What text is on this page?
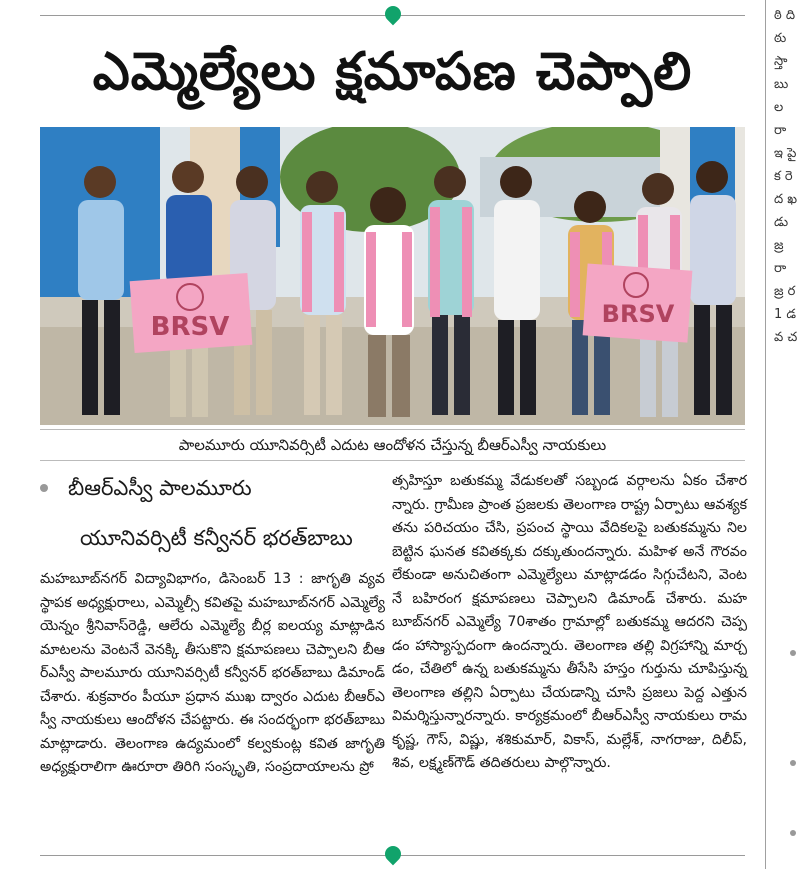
ఎమ్మెల్యేలు క్షమాపణ చెప్పాలి
BRSV	BRSV
పాలమూరు యూనివర్సిటీ ఎదుట ఆందోళన చేస్తున్న బీఆర్ఎస్వీ నాయకులు
బీఆర్ఎస్వీ పాలమూరు
యూనివర్సిటీ కన్వీనర్ భరత్‌బాబు
మహబూబ్‌నగర్ విద్యావిభాగం, డిసెంబర్ 13 : జాగృతి వ్యవస్థాపక అధ్యక్షురాలు, ఎమ్మెల్సీ కవితపై మహబూబ్‌నగర్ ఎమ్మెల్యే యెన్నం శ్రీనివాస్‌రెడ్డి, ఆలేరు ఎమ్మెల్యే బీర్ల ఐలయ్య మాట్లాడిన మాటలను వెంటనే వెనక్కి తీసుకొని క్షమాపణలు చెప్పాలని బీఆర్ఎస్వీ పాలమూరు యూనివర్సిటీ కన్వీనర్ భరత్‌బాబు డిమాండ్ చేశారు. శుక్రవారం పీయూ ప్రధాన ముఖ ద్వారం ఎదుట బీఆర్ఎస్వీ నాయకులు ఆందోళన చేపట్టారు. ఈ సందర్భంగా భరత్‌బాబు మాట్లాడారు. తెలంగాణ ఉద్యమంలో కల్వకుంట్ల కవిత జాగృతి అధ్యక్షురాలిగా ఊరూరా తిరిగి సంస్కృతి, సంప్రదాయాలను ప్రో
త్సహిస్తూ బతుకమ్మ వేడుకలతో సబ్బండ వర్గాలను ఏకం చేశారన్నారు. గ్రామీణ ప్రాంత ప్రజలకు తెలంగాణ రాష్ట్ర ఏర్పాటు ఆవశ్యకతను పరిచయం చేసి, ప్రపంచ స్థాయి వేదికలపై బతుకమ్మను నిలబెట్టిన ఘనత కవితక్కకు దక్కుతుందన్నారు. మహిళ అనే గౌరవం లేకుండా అనుచితంగా ఎమ్మెల్యేలు మాట్లాడడం సిగ్గుచేటని, వెంటనే బహిరంగ క్షమాపణలు చెప్పాలని డిమాండ్ చేశారు. మహబూబ్‌నగర్ ఎమ్మెల్యే 70శాతం గ్రామాల్లో బతుకమ్మ ఆదరని చెప్పడం హాస్యాస్పదంగా ఉందన్నారు. తెలంగాణ తల్లి విగ్రహాన్ని మార్చడం, చేతిలో ఉన్న బతుకమ్మను తీసేసి హస్తం గుర్తును చూపిస్తున్న తెలంగాణ తల్లిని ఏర్పాటు చేయడాన్ని చూసి ప్రజలు పెద్ద ఎత్తున విమర్శిస్తున్నారన్నారు. కార్యక్రమంలో బీఆర్ఎస్వీ నాయకులు రామకృష్ణ, గౌస్, విష్ణు, శశికుమార్, వికాస్, మల్లేశ్, నాగరాజు, దిలీప్, శివ, లక్ష్మణ్‌గౌడ్ తదితరులు పాల్గొన్నారు.
ఠి ది ఠు స్తా బు ల రా ఇ పై క రె ద ఖ డు జ్ర రా జ్ర ర 1 డ వ చ
